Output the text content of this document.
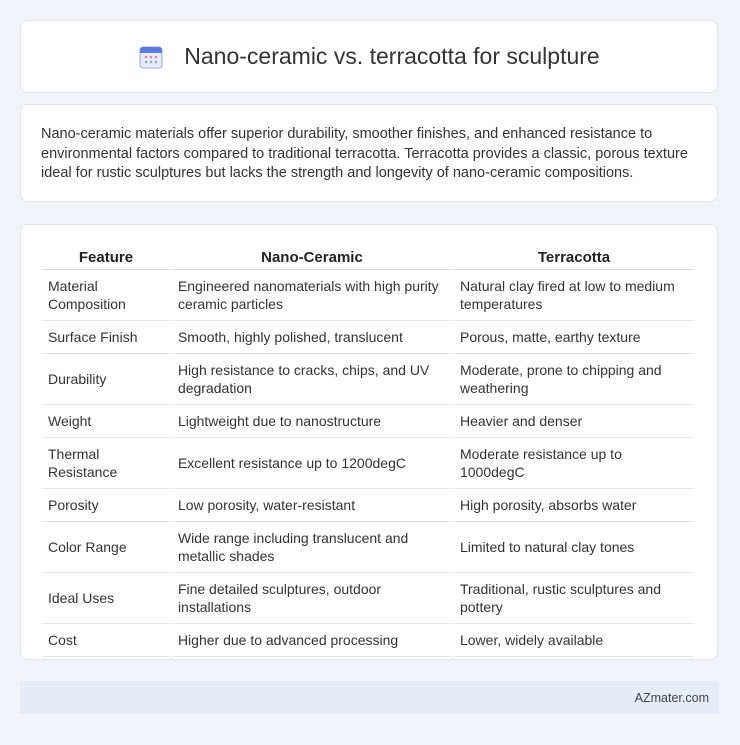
Nano-ceramic vs. terracotta for sculpture

Nano-ceramic materials offer superior durability, smoother finishes, and enhanced resistance to environmental factors compared to traditional terracotta. Terracotta provides a classic, porous texture ideal for rustic sculptures but lacks the strength and longevity of nano-ceramic compositions.

Feature	Nano-Ceramic	Terracotta
Material Composition	Engineered nanomaterials with high purity ceramic particles	Natural clay fired at low to medium temperatures
Surface Finish	Smooth, highly polished, translucent	Porous, matte, earthy texture
Durability	High resistance to cracks, chips, and UV degradation	Moderate, prone to chipping and weathering
Weight	Lightweight due to nanostructure	Heavier and denser
Thermal Resistance	Excellent resistance up to 1200degC	Moderate resistance up to 1000degC
Porosity	Low porosity, water-resistant	High porosity, absorbs water
Color Range	Wide range including translucent and metallic shades	Limited to natural clay tones
Ideal Uses	Fine detailed sculptures, outdoor installations	Traditional, rustic sculptures and pottery
Cost	Higher due to advanced processing	Lower, widely available
AZmater.com
